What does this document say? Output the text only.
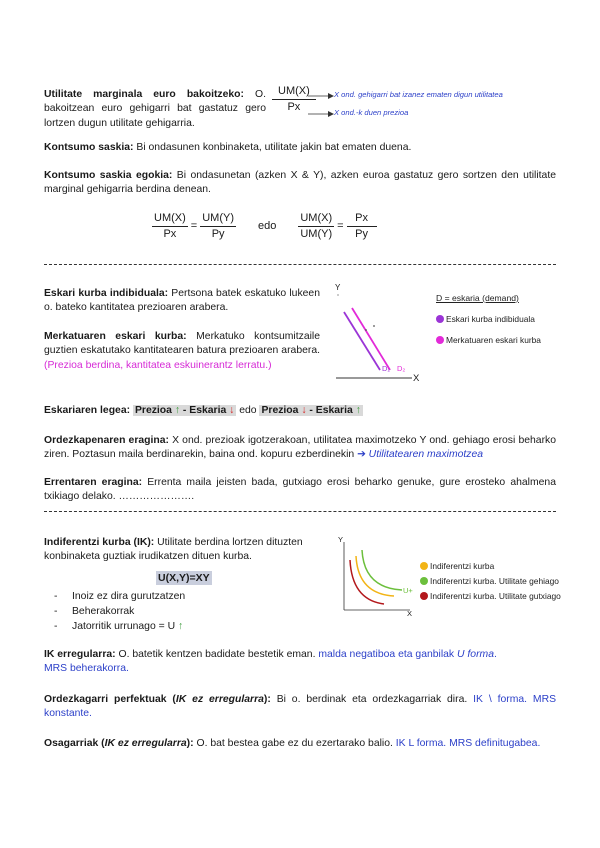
Utilitate marginala euro bakoitzeko: O. bakoitzean euro gehigarri bat gastatuz gero lortzen dugun utilitate gehigarria.
$\frac{UM(X)}{Px}$ X ond. gehigarri bat izanez ematen digun utilitatea
X ond.-k duen prezioa
Kontsumo saskia: Bi ondasunen konbinaketa, utilitate jakin bat ematen duena.
Kontsumo saskia egokia: Bi ondasunetan (azken X & Y), azken euroa gastatuz gero sortzen den utilitate marginal gehigarria berdina denean.
$\frac{UM(X)}{Px} = \frac{UM(Y)}{Py}$ edo $\frac{UM(X)}{UM(Y)} = \frac{Px}{Py}$
Eskari kurba indibiduala: Pertsona batek eskatuko lukeen o. bateko kantitatea prezioaren arabera.
Merkatuaren eskari kurba: Merkatuko kontsumitzaile guztien eskatutako kantitatearen batura prezioaren arabera. (Prezioa berdina, kantitatea eskuinerantz lerratu.)
Y
X
D₁ D₂
D = eskaria (demand)
Eskari kurba indibiduala
Merkatuaren eskari kurba
Eskariaren legea: Prezioa ↑ - Eskaria ↓ edo Prezioa ↓ - Eskaria ↑
Ordezkapenaren eragina: X ond. prezioak igotzerakoan, utilitatea maximotzeko Y ond. gehiago erosi beharko ziren. Poztasun maila berdinarekin, baina ond. kopuru ezberdinekin ➔ Utilitatearen maximotzea
Errentaren eragina: Errenta maila jeisten bada, gutxiago erosi beharko genuke, gure erosteko ahalmena txikiago delako. ………………….
Indiferentzi kurba (IK): Utilitate berdina lortzen dituzten konbinaketa guztiak irudikatzen dituen kurba.
U(X,Y)=XY
- Inoiz ez dira gurutzatzen
- Beherakorrak
- Jatorritik urrunago = U ↑
Y
X
U+
Indiferentzi kurba
Indiferentzi kurba. Utilitate gehiago
Indiferentzi kurba. Utilitate gutxiago
IK erregularra: O. batetik kentzen badidate bestetik eman. malda negatiboa eta ganbilak U forma.
MRS beherakorra.
Ordezkagarri perfektuak (IK ez erregularra): Bi o. berdinak eta ordezkagarriak dira. IK \ forma. MRS konstante.
Osagarriak (IK ez erregularra): O. bat bestea gabe ez du ezertarako balio. IK L forma. MRS definitugabea.
